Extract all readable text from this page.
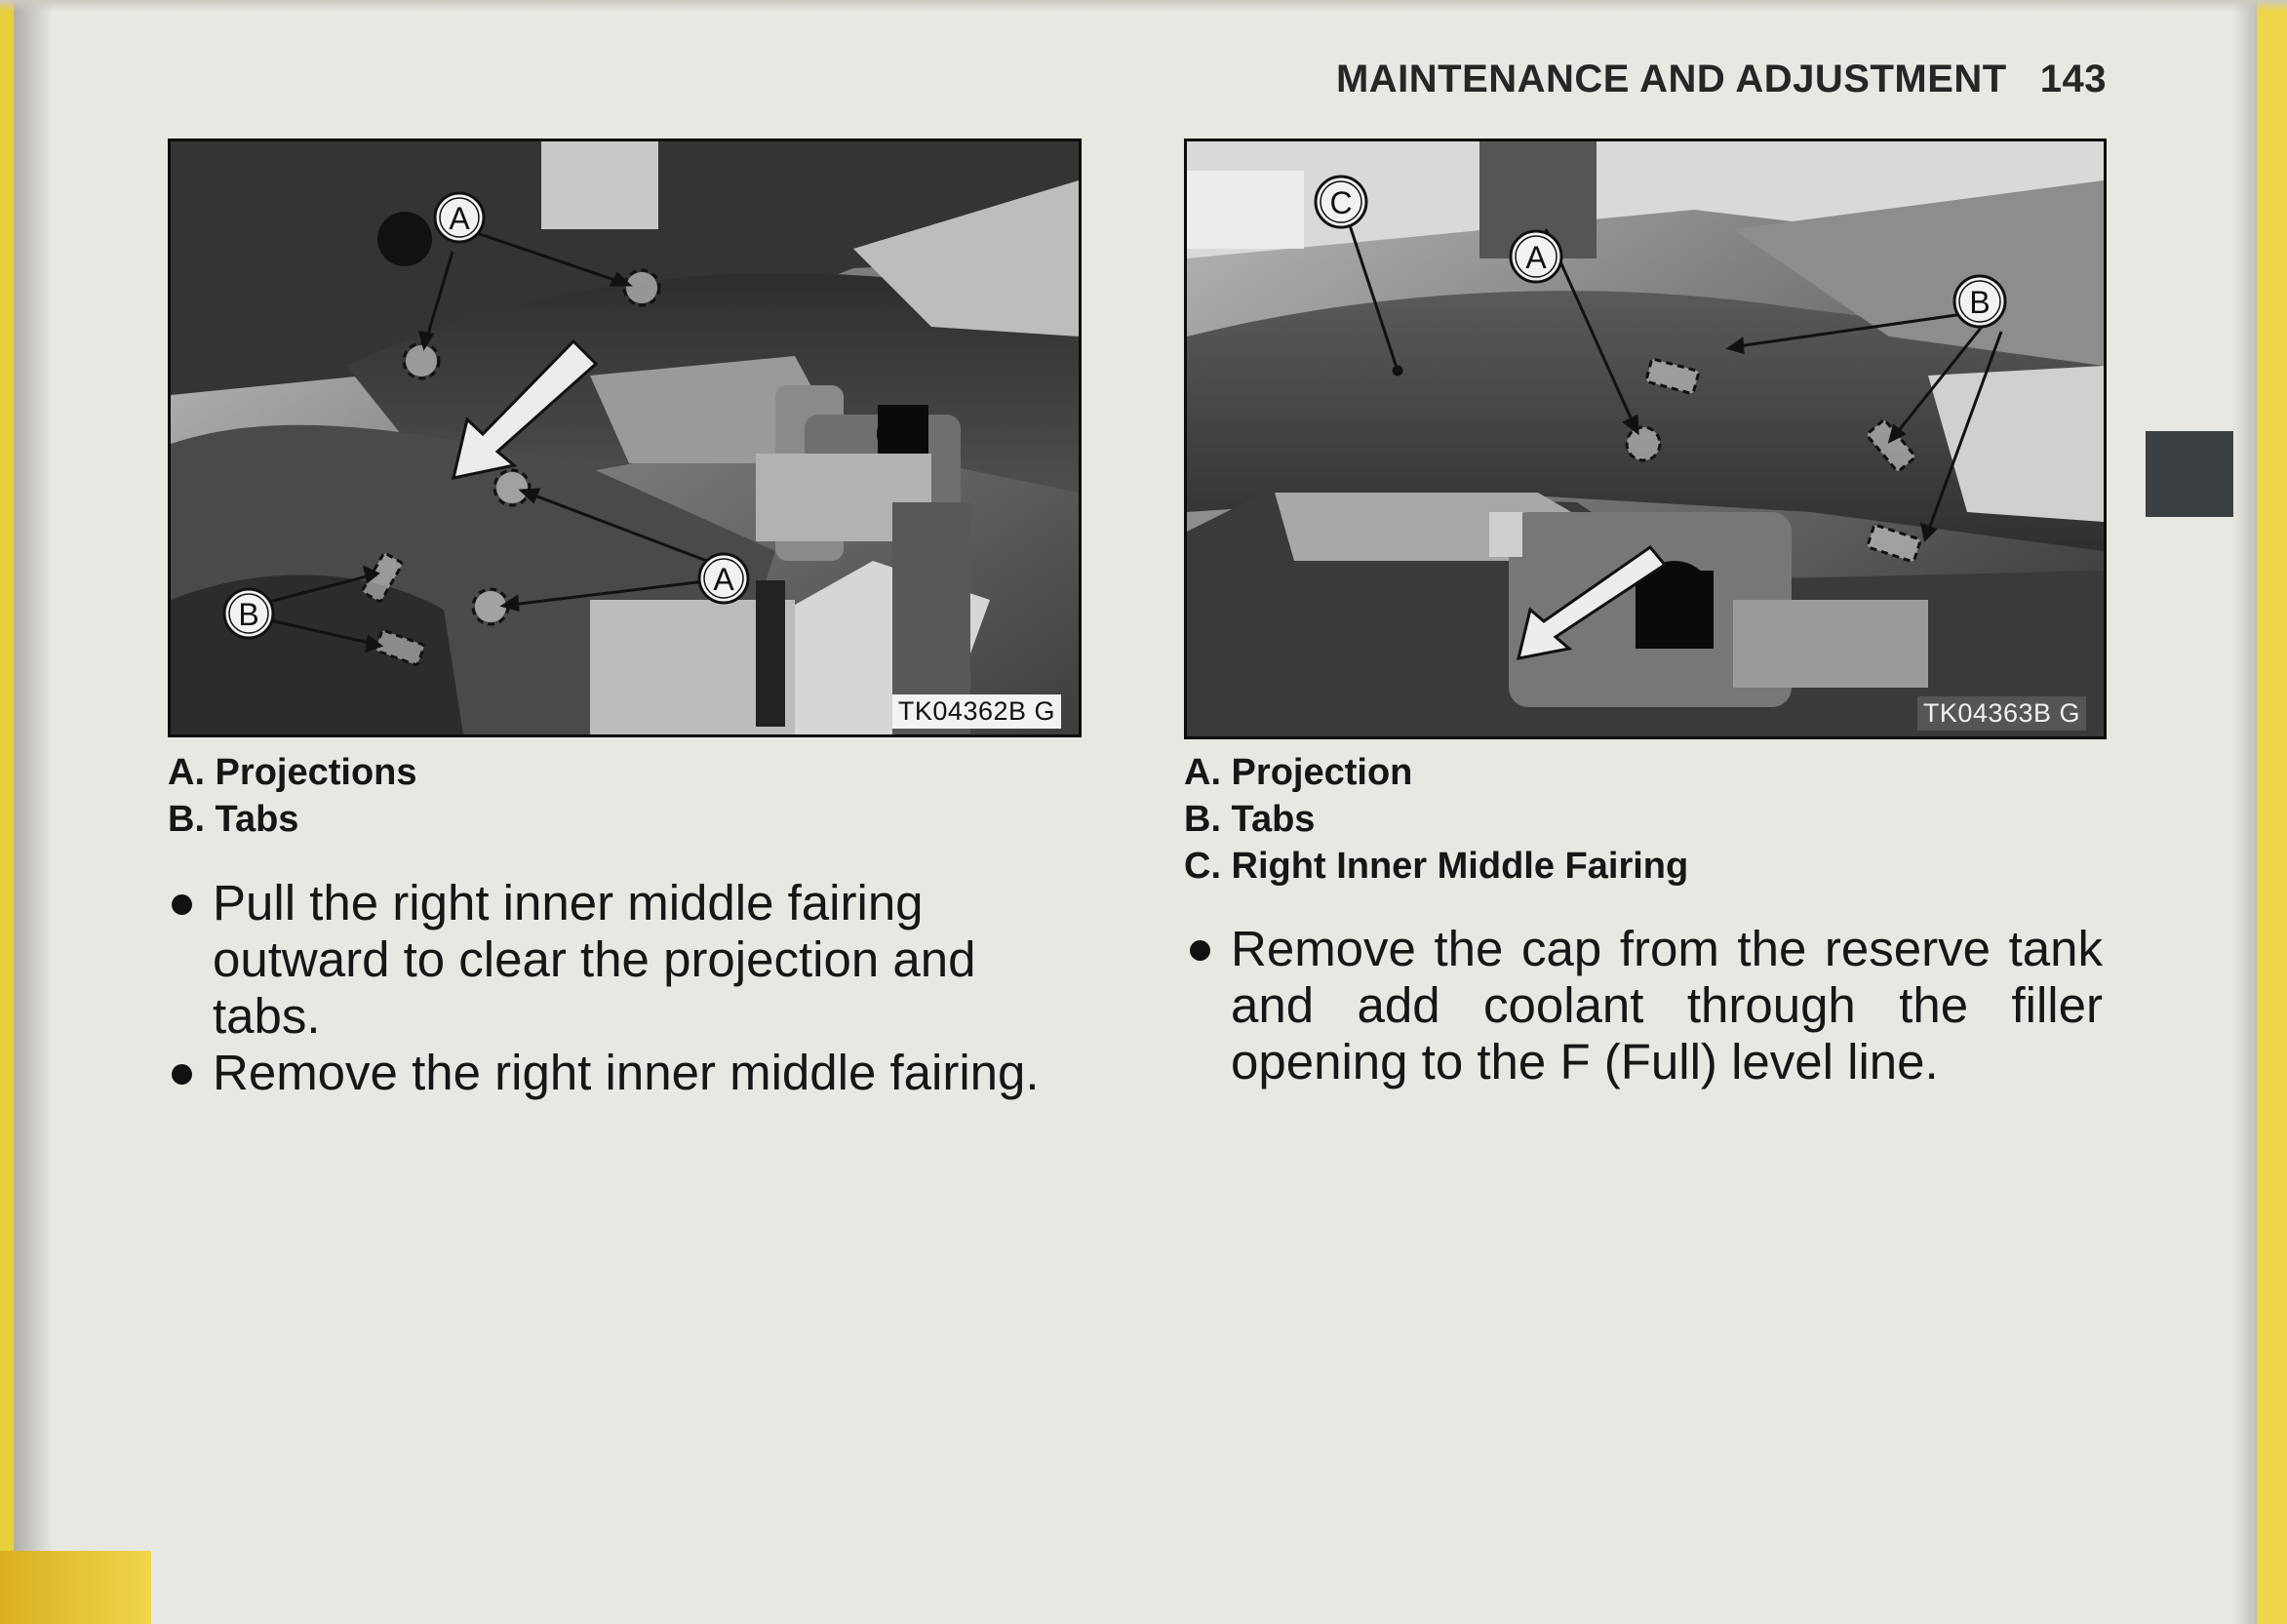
MAINTENANCE AND ADJUSTMENT 143
A
A
B
TK04362B G
C
A
B
TK04363B G
A. Projections
B. Tabs
A. Projection
B. Tabs
C. Right Inner Middle Fairing
Pull the right inner middle fairing outward to clear the projection and tabs.
Remove the right inner middle fairing.
Remove the cap from the reserve tank and add coolant through the filler opening to the F (Full) level line.
